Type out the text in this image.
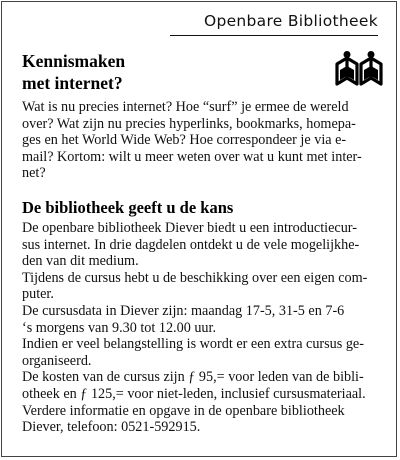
Openbare Bibliotheek
Kennismaken
met internet?

Wat is nu precies internet? Hoe “surf” je ermee de wereld
over? Wat zijn nu precies hyperlinks, bookmarks, homepa-
ges en het World Wide Web? Hoe correspondeer je via e-
mail? Kortom: wilt u meer weten over wat u kunt met inter-
net?

De bibliotheek geeft u de kans

De openbare bibliotheek Diever biedt u een introductiecur-
sus internet. In drie dagdelen ontdekt u de vele mogelijkhe-
den van dit medium.

Tijdens de cursus hebt u de beschikking over een eigen com-
puter.

De cursusdata in Diever zijn: maandag 17-5, 31-5 en 7-6
‘s morgens van 9.30 tot 12.00 uur.

Indien er veel belangstelling is wordt er een extra cursus ge-
organiseerd.

De kosten van de cursus zijn ƒ 95,= voor leden van de bibli-
otheek en ƒ 125,= voor niet-leden, inclusief cursusmateriaal.
Verdere informatie en opgave in de openbare bibliotheek
Diever, telefoon: 0521-592915.
